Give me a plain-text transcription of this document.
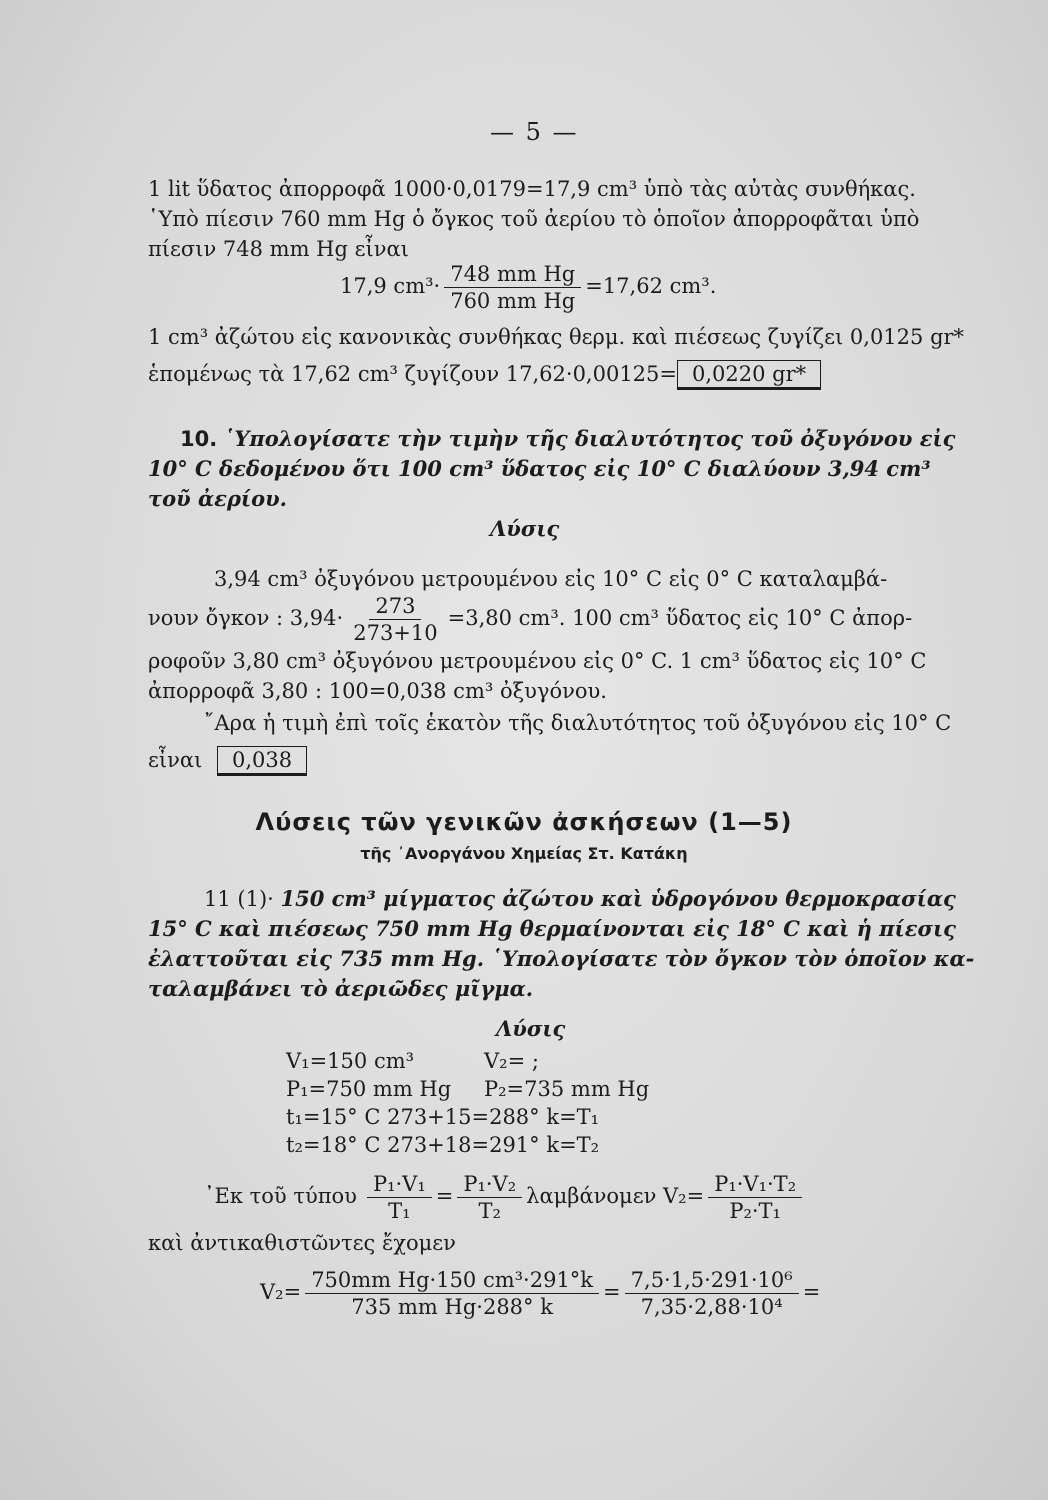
— 5 —
1 lit ὕδατος ἀπορροφᾶ 1000·0,0179=17,9 cm³ ὑπὸ τὰς αὐτὰς συνθήκας.
῾Υπὸ πίεσιν 760 mm Hg ὁ ὄγκος τοῦ ἀερίου τὸ ὁποῖον ἀπορροφᾶται ὑπὸ
πίεσιν 748 mm Hg εἶναι
17,9 $cm^3\cdot \frac{\text{748 mm Hg}}{\text{760 mm Hg}} =17,62$ cm³.
1 cm³ ἀζώτου εἰς κανονικὰς συνθήκας θερμ. καὶ πιέσεως ζυγίζει 0,0125 gr*
ἑπομένως τὰ 17,62 cm³ ζυγίζουν 17,62·0,00125= 0,0220 gr*
10. ῾Υπολογίσατε τὴν τιμὴν τῆς διαλυτότητος τοῦ ὀξυγόνου εἰς
10° C δεδομένου ὅτι 100 cm³ ὕδατος εἰς 10° C διαλύουν 3,94 cm³
τοῦ ἀερίου.
Λύσις
3,94 cm³ ὀξυγόνου μετρουμένου εἰς 10° C εἰς 0° C καταλαμβά-
νουν ὄγκον : $3,94\cdot \frac{273}{273+10} =3,80$ cm³. 100 cm³ ὕδατος εἰς 10° C ἀπορ-
ροφοῦν 3,80 cm³ ὀξυγόνου μετρουμένου εἰς 0° C. 1 cm³ ὕδατος εἰς 10° C
ἀπορροφᾶ 3,80 : 100=0,038 cm³ ὀξυγόνου.
῎Αρα ἡ τιμὴ ἐπὶ τοῖς ἑκατὸν τῆς διαλυτότητος τοῦ ὀξυγόνου εἰς 10° C
εἶναι 0,038
Λύσεις τῶν γενικῶν ἀσκήσεων (1—5)
τῆς ᾽Ανοργάνου Χημείας Στ. Κατάκη
11 (1)· 150 cm³ μίγματος ἀζώτου καὶ ὑδρογόνου θερμοκρασίας
15° C καὶ πιέσεως 750 mm Hg θερμαίνονται εἰς 18° C καὶ ἡ πίεσις
ἐλαττοῦται εἰς 735 mm Hg. ῾Υπολογίσατε τὸν ὄγκον τὸν ὁποῖον κα-
ταλαμβάνει τὸ ἀεριῶδες μῖγμα.
Λύσις
V₁=150 cm³	V₂= ;
P₁=750 mm Hg P₂=735 mm Hg
t₁=15° C 273+15=288° k=T₁
t₂=18° C 273+18=291° k=T₂
᾽Εκ τοῦ τύπου $\frac{\text{P₁·V₁}}{\text{T₁}} = \frac{\text{P₁·V₂}}{\text{T₂}}$ λαμβάνομεν $V_2= \frac{\text{P₁·V₁·T₂}}{\text{P₂·T₁}}$
καὶ ἀντικαθιστῶντες ἔχομεν
$V_2= \frac{\text{750mm Hg·150 cm³·291°k}}{\text{735 mm Hg·288° k}} = \frac{\text{7,5·1,5·291·10⁶}}{\text{7,35·2,88·10⁴}}$ =
